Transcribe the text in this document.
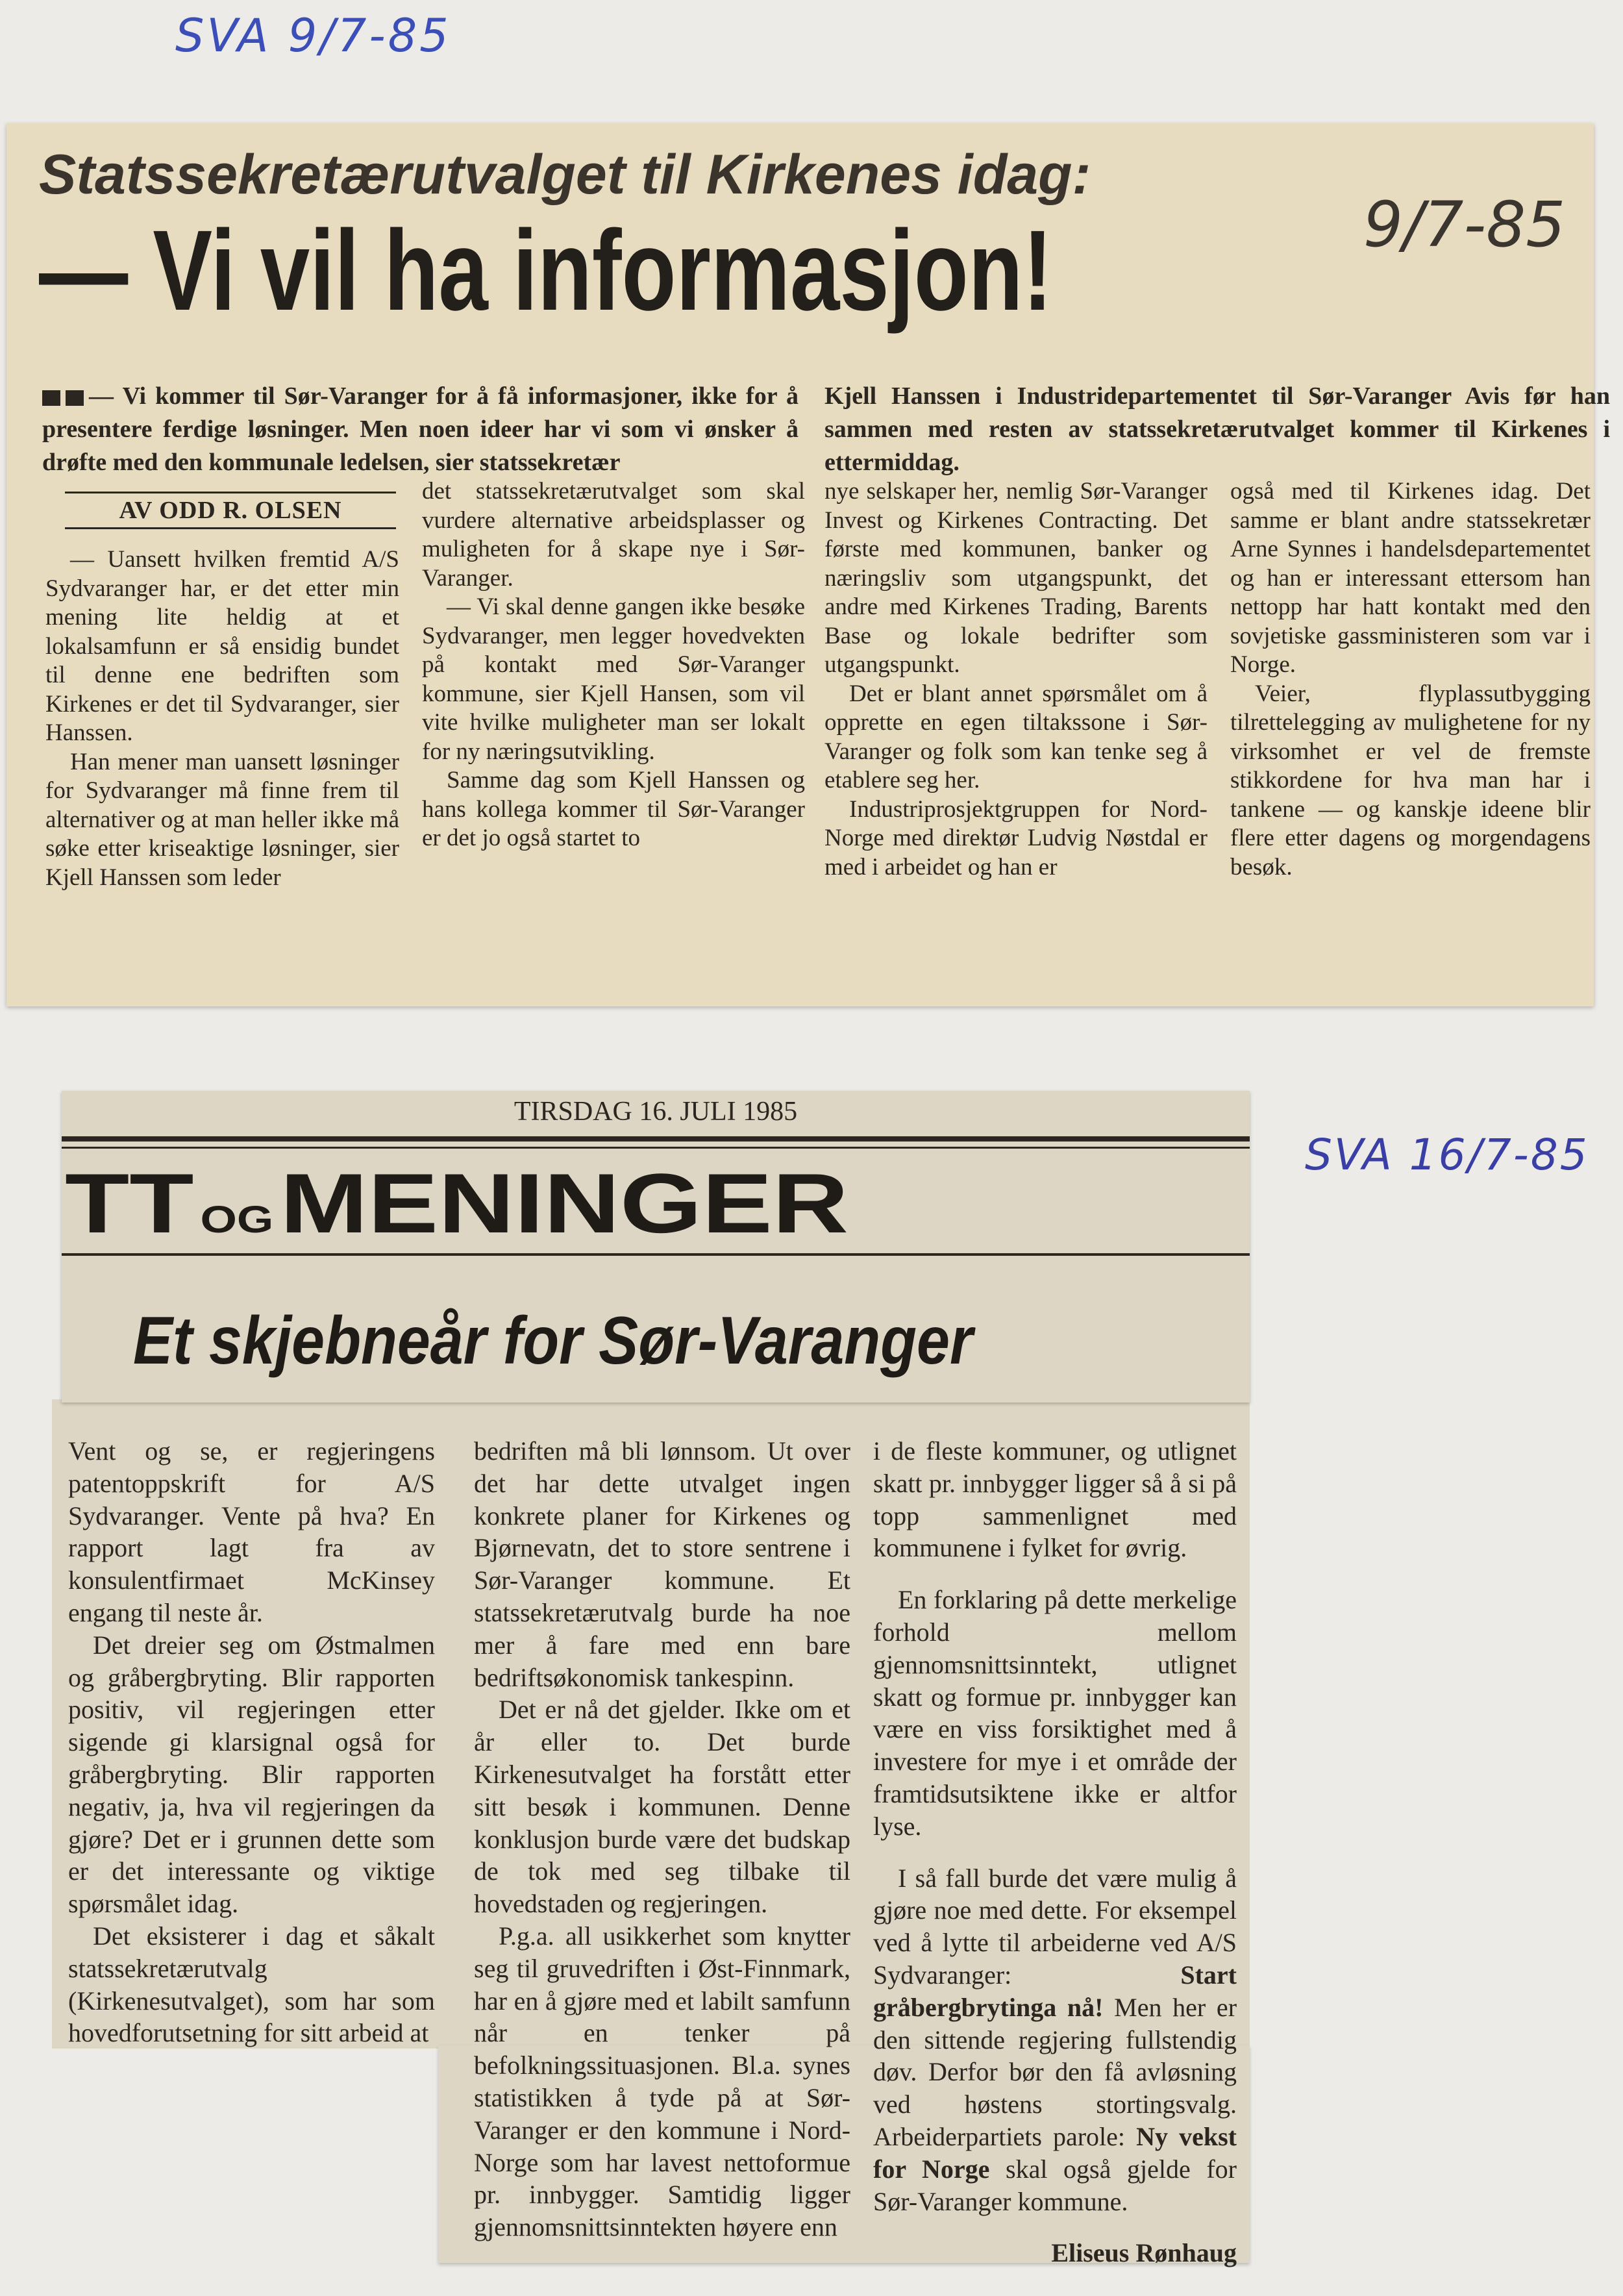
SVA 9/7-85
SVA 16/7-85
Statssekretærutvalget til Kirkenes idag:
— Vi vil ha informasjon!	9/7-85
— Vi kommer til Sør-Varanger for å få informasjoner, ikke for å presentere ferdige løsninger. Men noen ideer har vi som vi ønsker å drøfte med den kommunale ledelsen, sier statssekretær
Kjell Hanssen i Industridepartementet til Sør-Varanger Avis før han sammen med resten av statssekretærutvalget kommer til Kirkenes i ettermiddag.
AV ODD R. OLSEN

— Uansett hvilken fremtid A/S Sydvaranger har, er det etter min mening lite heldig at et lokalsamfunn er så ensidig bundet til denne ene bedriften som Kirkenes er det til Sydvaranger, sier Hanssen.

Han mener man uansett løsninger for Sydvaranger må finne frem til alternativer og at man heller ikke må søke etter kriseaktige løsninger, sier Kjell Hanssen som leder

det statssekretærutvalget som skal vurdere alternative arbeidsplasser og muligheten for å skape nye i Sør-Varanger.

— Vi skal denne gangen ikke besøke Sydvaranger, men legger hovedvekten på kontakt med Sør-Varanger kommune, sier Kjell Hansen, som vil vite hvilke muligheter man ser lokalt for ny næringsutvikling.

Samme dag som Kjell Hanssen og hans kollega kommer til Sør-Varanger er det jo også startet to

nye selskaper her, nemlig Sør-Varanger Invest og Kirkenes Contracting. Det første med kommunen, banker og næringsliv som utgangspunkt, det andre med Kirkenes Trading, Barents Base og lokale bedrifter som utgangspunkt.

Det er blant annet spørsmålet om å opprette en egen tiltakssone i Sør-Varanger og folk som kan tenke seg å etablere seg her.

Industriprosjektgruppen for Nord-Norge med direktør Ludvig Nøstdal er med i arbeidet og han er

også med til Kirkenes idag. Det samme er blant andre statssekretær Arne Synnes i handelsdepartementet og han er interessant ettersom han nettopp har hatt kontakt med den sovjetiske gassministeren som var i Norge.

Veier, flyplassutbygging tilrettelegging av mulighetene for ny virksomhet er vel de fremste stikkordene for hva man har i tankene — og kanskje ideene blir flere etter dagens og morgendagens besøk.

TIRSDAG 16. JULI 1985
TT OGMENINGER
Et skjebneår for Sør-Varanger

Vent og se, er regjeringens patentoppskrift for A/S Sydvaranger. Vente på hva? En rapport lagt fra av konsulentfirmaet McKinsey engang til neste år.

Det dreier seg om Østmalmen og gråbergbryting. Blir rapporten positiv, vil regjeringen etter sigende gi klarsignal også for gråbergbryting. Blir rapporten negativ, ja, hva vil regjeringen da gjøre? Det er i grunnen dette som er det interessante og viktige spørsmålet idag.

Det eksisterer i dag et såkalt statssekretærutvalg (Kirkenesutvalget), som har som hovedforutsetning for sitt arbeid at

bedriften må bli lønnsom. Ut over det har dette utvalget ingen konkrete planer for Kirkenes og Bjørnevatn, det to store sentrene i Sør-Varanger kommune. Et statssekretærutvalg burde ha noe mer å fare med enn bare bedriftsøkonomisk tankespinn.

Det er nå det gjelder. Ikke om et år eller to. Det burde Kirkenesutvalget ha forstått etter sitt besøk i kommunen. Denne konklusjon burde være det budskap de tok med seg tilbake til hovedstaden og regjeringen.

P.g.a. all usikkerhet som knytter seg til gruvedriften i Øst-Finnmark, har en å gjøre med et labilt samfunn når en tenker på befolkningssituasjonen. Bl.a. synes statistikken å tyde på at Sør-Varanger er den kommune i Nord-Norge som har lavest nettoformue pr. innbygger. Samtidig ligger gjennomsnittsinntekten høyere enn

i de fleste kommuner, og utlignet skatt pr. innbygger ligger så å si på topp sammenlignet med kommunene i fylket for øvrig.

En forklaring på dette merkelige forhold mellom gjennomsnittsinntekt, utlignet skatt og formue pr. innbygger kan være en viss forsiktighet med å investere for mye i et område der framtidsutsiktene ikke er altfor lyse.

I så fall burde det være mulig å gjøre noe med dette. For eksempel ved å lytte til arbeiderne ved A/S Sydvaranger:	Start gråbergbrytinga nå! Men her er den sittende regjering fullstendig døv. Derfor bør den få avløsning ved høstens stortingsvalg. Arbeiderpartiets parole: Ny vekst for Norge skal også gjelde for Sør-Varanger kommune.

Eliseus Rønhaug
